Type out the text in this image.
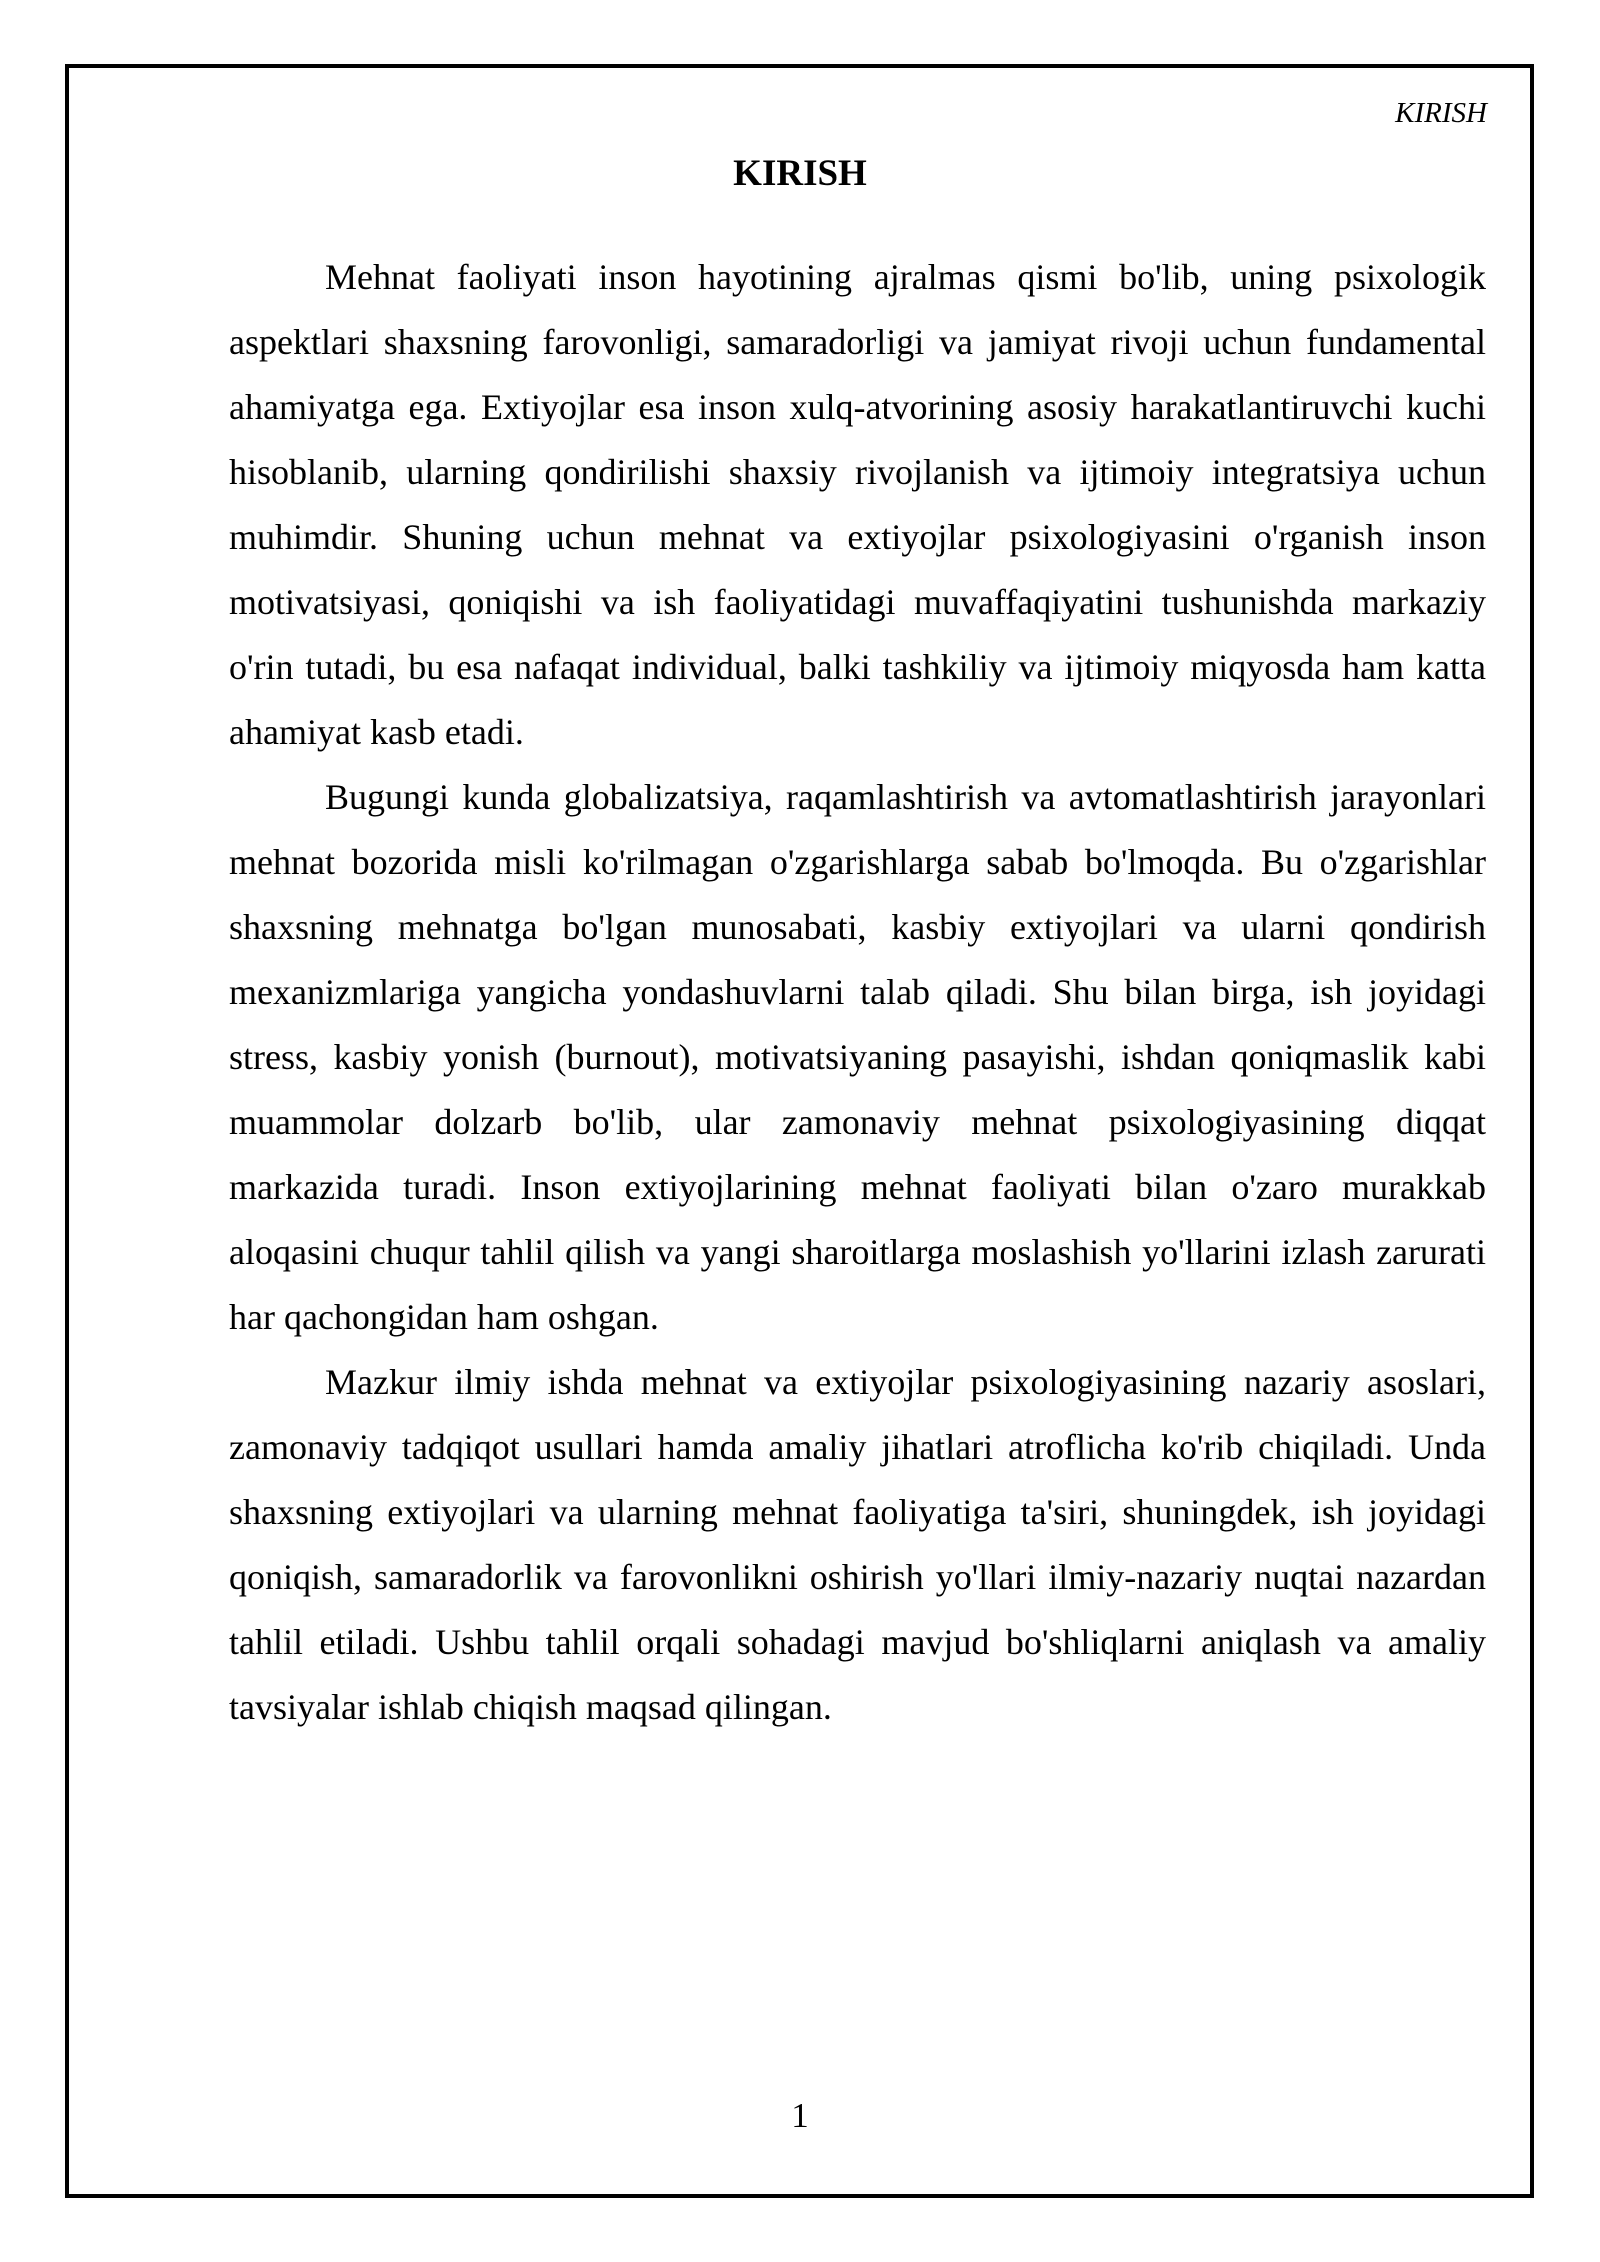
KIRISH
KIRISH

Mehnat faoliyati inson hayotining ajralmas qismi bo'lib, uning psixologik aspektlari shaxsning farovonligi, samaradorligi va jamiyat rivoji uchun fundamental ahamiyatga ega. Extiyojlar esa inson xulq-atvorining asosiy harakatlantiruvchi kuchi hisoblanib, ularning qondirilishi shaxsiy rivojlanish va ijtimoiy integratsiya uchun muhimdir. Shuning uchun mehnat va extiyojlar psixologiyasini o'rganish inson motivatsiyasi, qoniqishi va ish faoliyatidagi muvaffaqiyatini tushunishda markaziy o'rin tutadi, bu esa nafaqat individual, balki tashkiliy va ijtimoiy miqyosda ham katta ahamiyat kasb etadi.

Bugungi kunda globalizatsiya, raqamlashtirish va avtomatlashtirish jarayonlari mehnat bozorida misli ko'rilmagan o'zgarishlarga sabab bo'lmoqda. Bu o'zgarishlar shaxsning mehnatga bo'lgan munosabati, kasbiy extiyojlari va ularni qondirish mexanizmlariga yangicha yondashuvlarni talab qiladi. Shu bilan birga, ish joyidagi stress, kasbiy yonish (burnout), motivatsiyaning pasayishi, ishdan qoniqmaslik kabi muammolar dolzarb bo'lib, ular zamonaviy mehnat psixologiyasining diqqat markazida turadi. Inson extiyojlarining mehnat faoliyati bilan o'zaro murakkab aloqasini chuqur tahlil qilish va yangi sharoitlarga moslashish yo'llarini izlash zarurati har qachongidan ham oshgan.

Mazkur ilmiy ishda mehnat va extiyojlar psixologiyasining nazariy asoslari, zamonaviy tadqiqot usullari hamda amaliy jihatlari atroflicha ko'rib chiqiladi. Unda shaxsning extiyojlari va ularning mehnat faoliyatiga ta'siri, shuningdek, ish joyidagi qoniqish, samaradorlik va farovonlikni oshirish yo'llari ilmiy-nazariy nuqtai nazardan tahlil etiladi. Ushbu tahlil orqali sohadagi mavjud bo'shliqlarni aniqlash va amaliy tavsiyalar ishlab chiqish maqsad qilingan.

1
